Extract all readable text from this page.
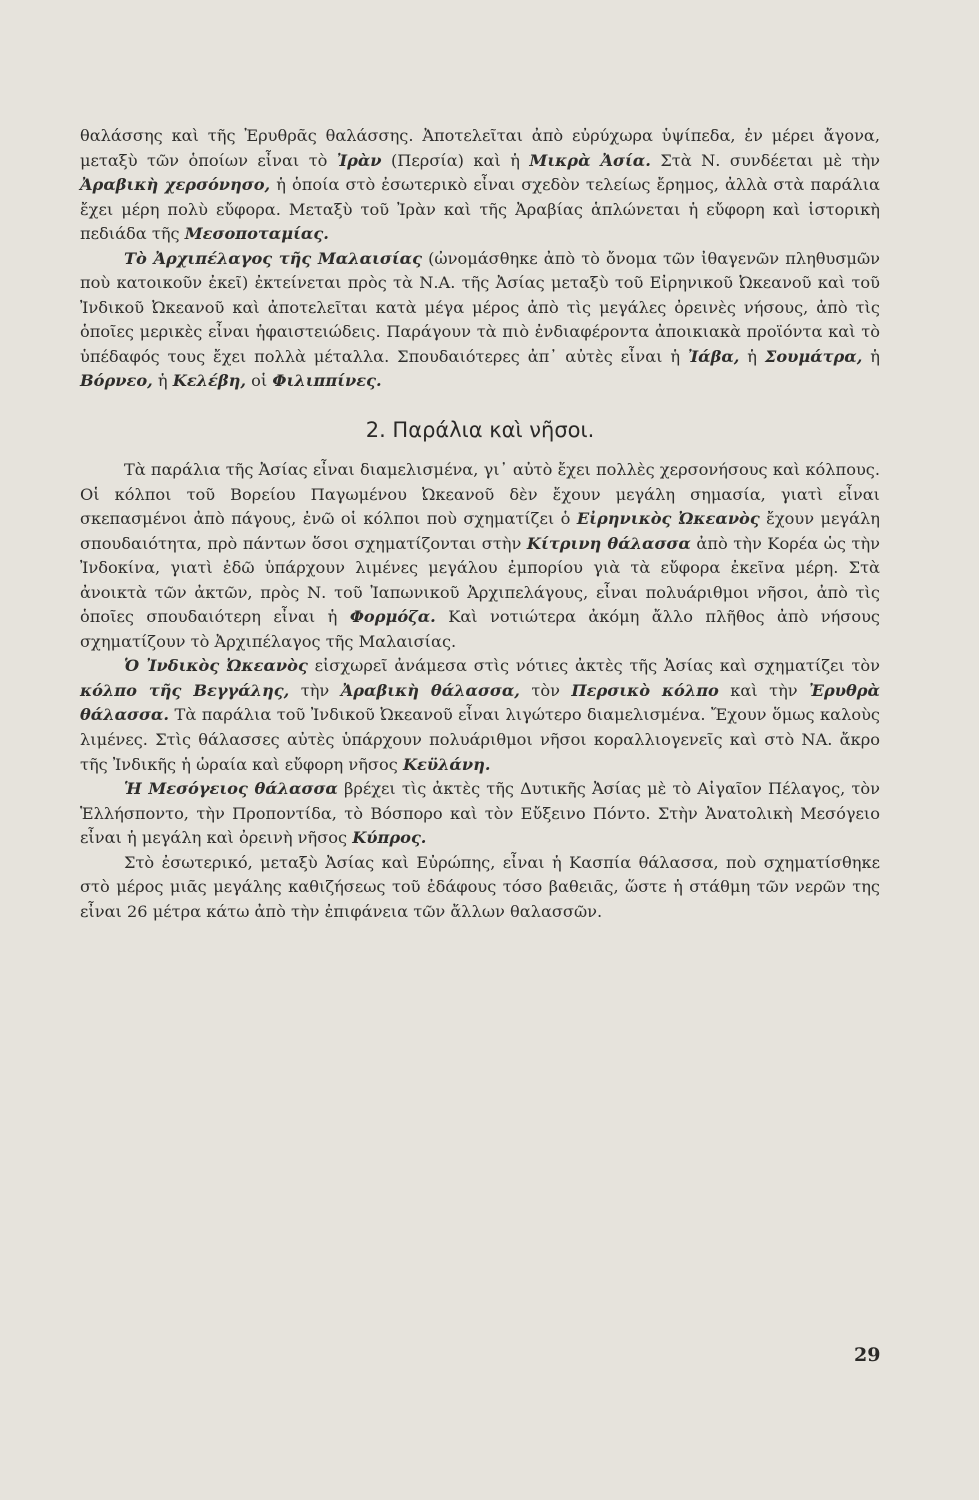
θαλάσσης καὶ τῆς Ἐρυθρᾶς θαλάσσης. Ἀποτελεῖται ἀπὸ εὐρύχωρα ὑψίπεδα, ἐν μέρει ἄγονα, μεταξὺ τῶν ὁποίων εἶναι τὸ Ἰρὰν (Περσία) καὶ ἡ Μικρὰ Ἀσία. Στὰ Ν. συνδέεται μὲ τὴν Ἀραβικὴ χερσόνησο, ἡ ὁποία στὸ ἐσωτερικὸ εἶναι σχεδὸν τελείως ἔρημος, ἀλλὰ στὰ παράλια ἔχει μέρη πολὺ εὔφορα. Μεταξὺ τοῦ Ἰρὰν καὶ τῆς Ἀραβίας ἁπλώνεται ἡ εὔφορη καὶ ἱστορικὴ πεδιάδα τῆς Μεσοποταμίας.

Τὸ Ἀρχιπέλαγος τῆς Μαλαισίας (ὠνομάσθηκε ἀπὸ τὸ ὄνομα τῶν ἰθαγενῶν πληθυσμῶν ποὺ κατοικοῦν ἐκεῖ) ἐκτείνεται πρὸς τὰ Ν.Α. τῆς Ἀσίας μεταξὺ τοῦ Εἰρηνικοῦ Ὠκεανοῦ καὶ τοῦ Ἰνδικοῦ Ὠκεανοῦ καὶ ἀποτελεῖται κατὰ μέγα μέρος ἀπὸ τὶς μεγάλες ὀρεινὲς νήσους, ἀπὸ τὶς ὁποῖες μερικὲς εἶναι ἡφαιστειώδεις. Παράγουν τὰ πιὸ ἐνδιαφέροντα ἀποικιακὰ προϊόντα καὶ τὸ ὑπέδαφός τους ἔχει πολλὰ μέταλλα. Σπουδαιότερες ἀπ᾽ αὐτὲς εἶναι ἡ Ἰάβα, ἡ Σουμάτρα, ἡ Βόρνεο, ἡ Κελέβη, οἱ Φιλιππίνες.

2. Παράλια καὶ νῆσοι.

Τὰ παράλια τῆς Ἀσίας εἶναι διαμελισμένα, γι᾽ αὐτὸ ἔχει πολλὲς χερσονήσους καὶ κόλπους. Οἱ κόλποι τοῦ Βορείου Παγωμένου Ὠκεανοῦ δὲν ἔχουν μεγάλη σημασία, γιατὶ εἶναι σκεπασμένοι ἀπὸ πάγους, ἐνῶ οἱ κόλποι ποὺ σχηματίζει ὁ Εἰρηνικὸς Ὠκεανὸς ἔχουν μεγάλη σπουδαιότητα, πρὸ πάντων ὅσοι σχηματίζονται στὴν Κίτρινη θάλασσα ἀπὸ τὴν Κορέα ὡς τὴν Ἰνδοκίνα, γιατὶ ἐδῶ ὑπάρχουν λιμένες μεγάλου ἐμπορίου γιὰ τὰ εὔφορα ἐκεῖνα μέρη. Στὰ ἀνοικτὰ τῶν ἀκτῶν, πρὸς Ν. τοῦ Ἰαπωνικοῦ Ἀρχιπελάγους, εἶναι πολυάριθμοι νῆσοι, ἀπὸ τὶς ὁποῖες σπουδαιότερη εἶναι ἡ Φορμόζα. Καὶ νοτιώτερα ἀκόμη ἄλλο πλῆθος ἀπὸ νήσους σχηματίζουν τὸ Ἀρχιπέλαγος τῆς Μαλαισίας.

Ὁ Ἰνδικὸς Ὠκεανὸς εἰσχωρεῖ ἀνάμεσα στὶς νότιες ἀκτὲς τῆς Ἀσίας καὶ σχηματίζει τὸν κόλπο τῆς Βεγγάλης, τὴν Ἀραβικὴ θάλασσα, τὸν Περσικὸ κόλπο καὶ τὴν Ἐρυθρὰ θάλασσα. Τὰ παράλια τοῦ Ἰνδικοῦ Ὠκεανοῦ εἶναι λιγώτερο διαμελισμένα. Ἔχουν ὅμως καλοὺς λιμένες. Στὶς θάλασσες αὐτὲς ὑπάρχουν πολυάριθμοι νῆσοι κοραλλιογενεῖς καὶ στὸ ΝΑ. ἄκρο τῆς Ἰνδικῆς ἡ ὡραία καὶ εὔφορη νῆσος Κεϋλάνη.

Ἡ Μεσόγειος θάλασσα βρέχει τὶς ἀκτὲς τῆς Δυτικῆς Ἀσίας μὲ τὸ Αἰγαῖον Πέλαγος, τὸν Ἑλλήσποντο, τὴν Προποντίδα, τὸ Βόσπορο καὶ τὸν Εὔξεινο Πόντο. Στὴν Ἀνατολικὴ Μεσόγειο εἶναι ἡ μεγάλη καὶ ὀρεινὴ νῆσος Κύπρος.

Στὸ ἐσωτερικό, μεταξὺ Ἀσίας καὶ Εὐρώπης, εἶναι ἡ Κασπία θάλασσα, ποὺ σχηματίσθηκε στὸ μέρος μιᾶς μεγάλης καθιζήσεως τοῦ ἐδάφους τόσο βαθειᾶς, ὥστε ἡ στάθμη τῶν νερῶν της εἶναι 26 μέτρα κάτω ἀπὸ τὴν ἐπιφάνεια τῶν ἄλλων θαλασσῶν.

29
